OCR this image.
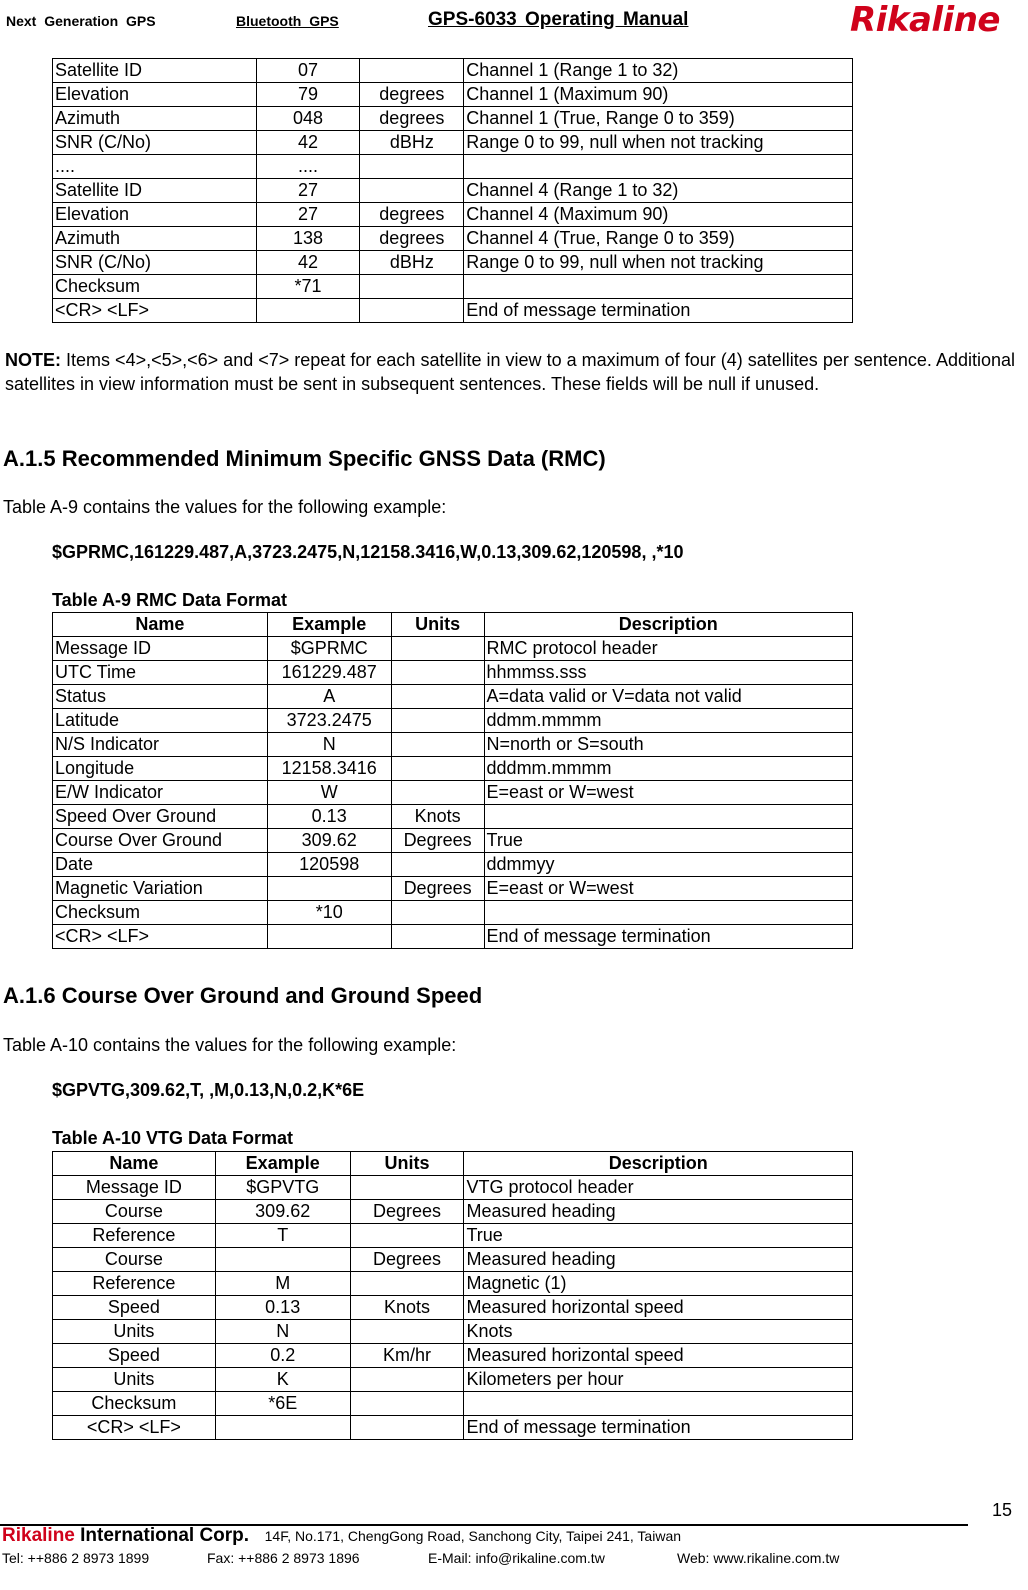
Next Generation GPS	Bluetooth GPS	GPS-6033 Operating Manual	Rikaline
Satellite ID	07		Channel 1 (Range 1 to 32)
Elevation	79	degrees	Channel 1 (Maximum 90)
Azimuth	048	degrees	Channel 1 (True, Range 0 to 359)
SNR (C/No)	42	dBHz	Range 0 to 99, null when not tracking
....	....		
Satellite ID	27		Channel 4 (Range 1 to 32)
Elevation	27	degrees	Channel 4 (Maximum 90)
Azimuth	138	degrees	Channel 4 (True, Range 0 to 359)
SNR (C/No)	42	dBHz	Range 0 to 99, null when not tracking
Checksum	*71		
<CR> <LF>			End of message termination
NOTE: Items <4>,<5>,<6> and <7> repeat for each satellite in view to a maximum of four (4) satellites per sentence. Additional satellites in view information must be sent in subsequent sentences. These fields will be null if unused.
A.1.5 Recommended Minimum Specific GNSS Data (RMC)
Table A-9 contains the values for the following example:
$GPRMC,161229.487,A,3723.2475,N,12158.3416,W,0.13,309.62,120598, ,*10
Table A-9 RMC Data Format
Name	Example	Units	Description
Message ID	$GPRMC		RMC protocol header
UTC Time	161229.487		hhmmss.sss
Status	A		A=data valid or V=data not valid
Latitude	3723.2475		ddmm.mmmm
N/S Indicator	N		N=north or S=south
Longitude	12158.3416		dddmm.mmmm
E/W Indicator	W		E=east or W=west
Speed Over Ground	0.13	Knots	
Course Over Ground	309.62	Degrees	True
Date	120598		ddmmyy
Magnetic Variation		Degrees	E=east or W=west
Checksum	*10		
<CR> <LF>			End of message termination
A.1.6 Course Over Ground and Ground Speed
Table A-10 contains the values for the following example:
$GPVTG,309.62,T, ,M,0.13,N,0.2,K*6E
Table A-10 VTG Data Format
Name	Example	Units	Description
Message ID	$GPVTG		VTG protocol header
Course	309.62	Degrees	Measured heading
Reference	T		True
Course		Degrees	Measured heading
Reference	M		Magnetic (1)
Speed	0.13	Knots	Measured horizontal speed
Units	N		Knots
Speed	0.2	Km/hr	Measured horizontal speed
Units	K		Kilometers per hour
Checksum	*6E		
<CR> <LF>			End of message termination
15
Rikaline International Corp. 14F, No.171, ChengGong Road, Sanchong City, Taipei 241, Taiwan
Tel: ++886 2 8973 1899	Fax: ++886 2 8973 1896	E-Mail: info@rikaline.com.tw	Web: www.rikaline.com.tw
